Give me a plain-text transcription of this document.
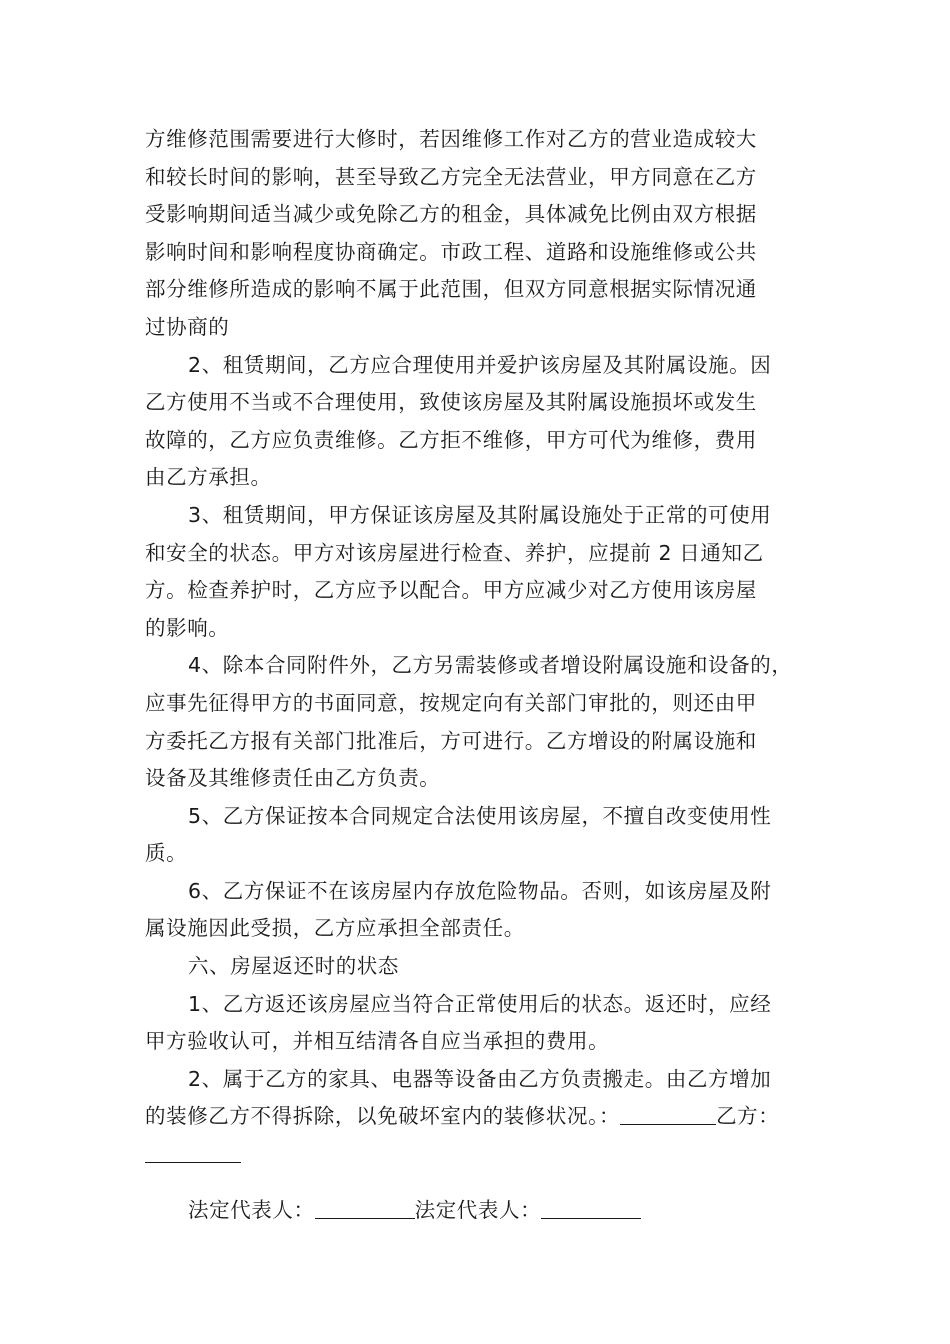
方维修范围需要进行大修时，若因维修工作对乙方的营业造成较大
和较长时间的影响，甚至导致乙方完全无法营业，甲方同意在乙方
受影响期间适当减少或免除乙方的租金，具体减免比例由双方根据
影响时间和影响程度协商确定。市政工程、道路和设施维修或公共
部分维修所造成的影响不属于此范围，但双方同意根据实际情况通
过协商的
2、租赁期间，乙方应合理使用并爱护该房屋及其附属设施。因
乙方使用不当或不合理使用，致使该房屋及其附属设施损坏或发生
故障的，乙方应负责维修。乙方拒不维修，甲方可代为维修，费用
由乙方承担。
3、租赁期间，甲方保证该房屋及其附属设施处于正常的可使用
和安全的状态。甲方对该房屋进行检查、养护，应提前 2 日通知乙
方。检查养护时，乙方应予以配合。甲方应减少对乙方使用该房屋
的影响。
4、除本合同附件外，乙方另需装修或者增设附属设施和设备的，
应事先征得甲方的书面同意，按规定向有关部门审批的，则还由甲
方委托乙方报有关部门批准后，方可进行。乙方增设的附属设施和
设备及其维修责任由乙方负责。
5、乙方保证按本合同规定合法使用该房屋，不擅自改变使用性
质。
6、乙方保证不在该房屋内存放危险物品。否则，如该房屋及附
属设施因此受损，乙方应承担全部责任。
六、房屋返还时的状态
1、乙方返还该房屋应当符合正常使用后的状态。返还时，应经
甲方验收认可，并相互结清各自应当承担的费用。
2、属于乙方的家具、电器等设备由乙方负责搬走。由乙方增加
的装修乙方不得拆除，以免破坏室内的装修状况。：	乙方：
法定代表人：	法定代表人：
